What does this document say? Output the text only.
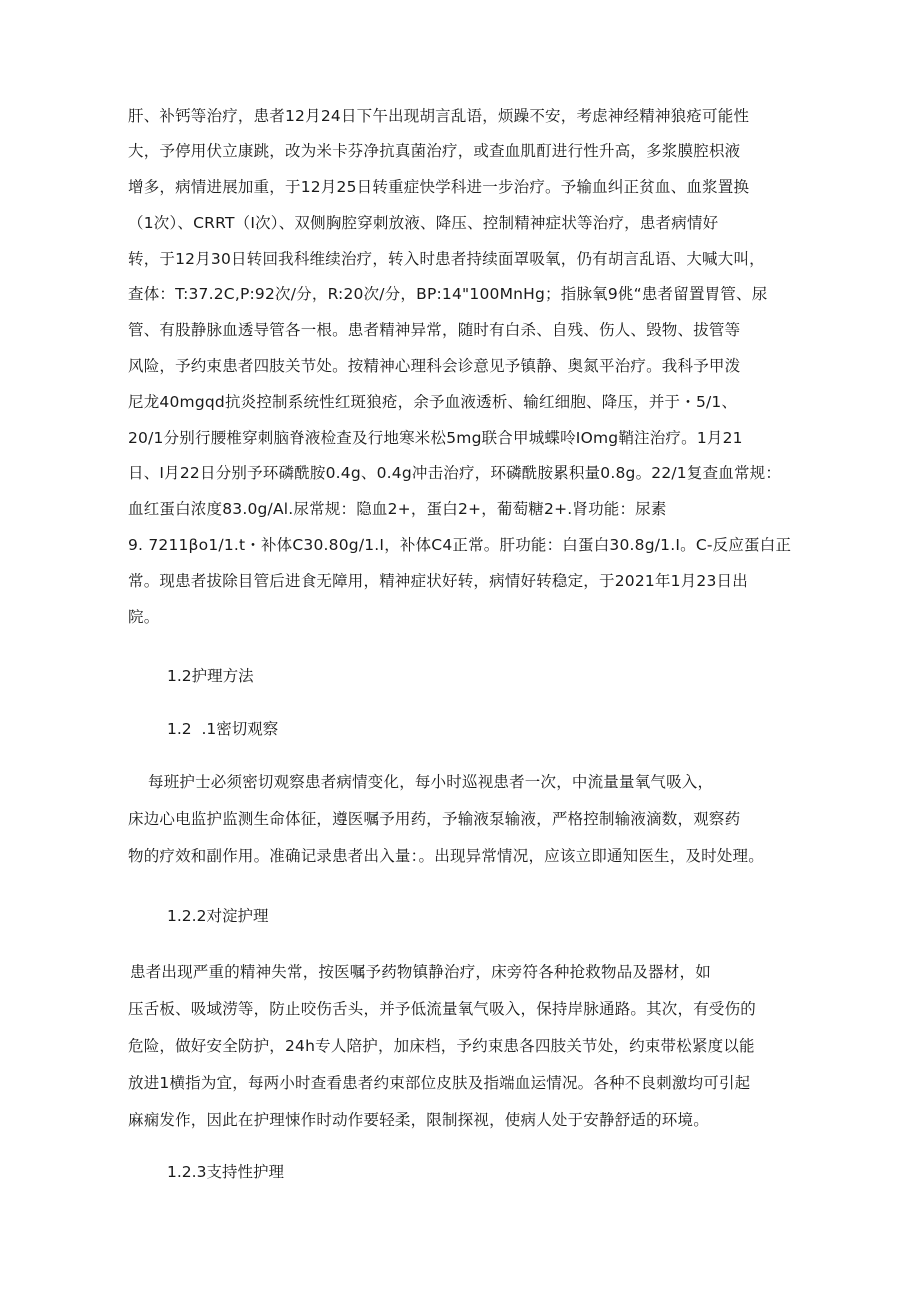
肝、补钙等治疗，患者12月24日下午出现胡言乱语，烦躁不安，考虑神经精神狼疮可能性
大，予停用伏立康跳，改为米卡芬净抗真菌治疗，或查血肌酊进行性升高，多浆膜腔枳液
增多，病情进展加重，于12月25日转重症快学科进一步治疗。予输血纠正贫血、血浆置换
（1次）、CRRT（I次）、双侧胸腔穿刺放液、降压、控制精神症状等治疗，患者病情好
转，于12月30日转回我科维续治疗，转入时患者持续面罩吸氧，仍有胡言乱语、大喊大叫，
查体：T:37.2C,P:92次/分，R:20次/分，BP:14"100MnHg；指脉氧9佻“患者留置胃管、尿
管、有股静脉血透导管各一根。患者精神异常，随时有白杀、自残、伤人、毁物、拔管等
风险，予约束患者四肢关节处。按精神心理科会诊意见予镇静、奥氮平治疗。我科予甲泼
尼龙40mgqd抗炎控制系统性红斑狼疮，余予血液透析、输红细胞、降压，并于・5/1、
20/1分别行腰椎穿刺脑脊液检查及行地寒米松5mg联合甲城蝶呤IOmg鞘注治疗。1月21
日、I月22日分别予环磷酰胺0.4g、0.4g冲击治疗，环磷酰胺累积量0.8g。22/1复查血常规：
血红蛋白浓度83.0g∕Al.尿常规：隐血2+，蛋白2+，葡萄糖2+.肾功能：尿素
9. 7211βo1∕1.t・补体C30.80g∕1.I，补体C4正常。肝功能：白蛋白30.8g∕1.I。C-反应蛋白正
常。现患者拔除目管后进食无障用，精神症状好转，病情好转稳定，于2021年1月23日出
院。
1.2护理方法
1.2  .1密切观察
每班护士必须密切观察患者病情变化，每小时巡视患者一次，中流量量氧气吸入，
床边心电监护监测生命体征，遵医嘱予用药，予输液泵输液，严格控制输液滴数，观察药
物的疗效和副作用。准确记录患者出入量：。出现异常情况，应该立即通知医生，及时处理。
1.2.2对淀护理
患者出现严重的精神失常，按医嘱予药物镇静治疗，床旁符各种抢救物品及器材，如
压舌板、吸域涝等，防止咬伤舌头，并予低流量氧气吸入，保持岸脉通路。其次，有受伤的
危险，做好安全防护，24h专人陪护，加床档，予约束患各四肢关节处，约束带松紧度以能
放进1横指为宜，每两小时查看患者约束部位皮肤及指端血运情况。各种不良刺激均可引起
麻痫发作，因此在护理悚作时动作要轻柔，限制探视，使病人处于安静舒适的环境。
1.2.3支持性护理
